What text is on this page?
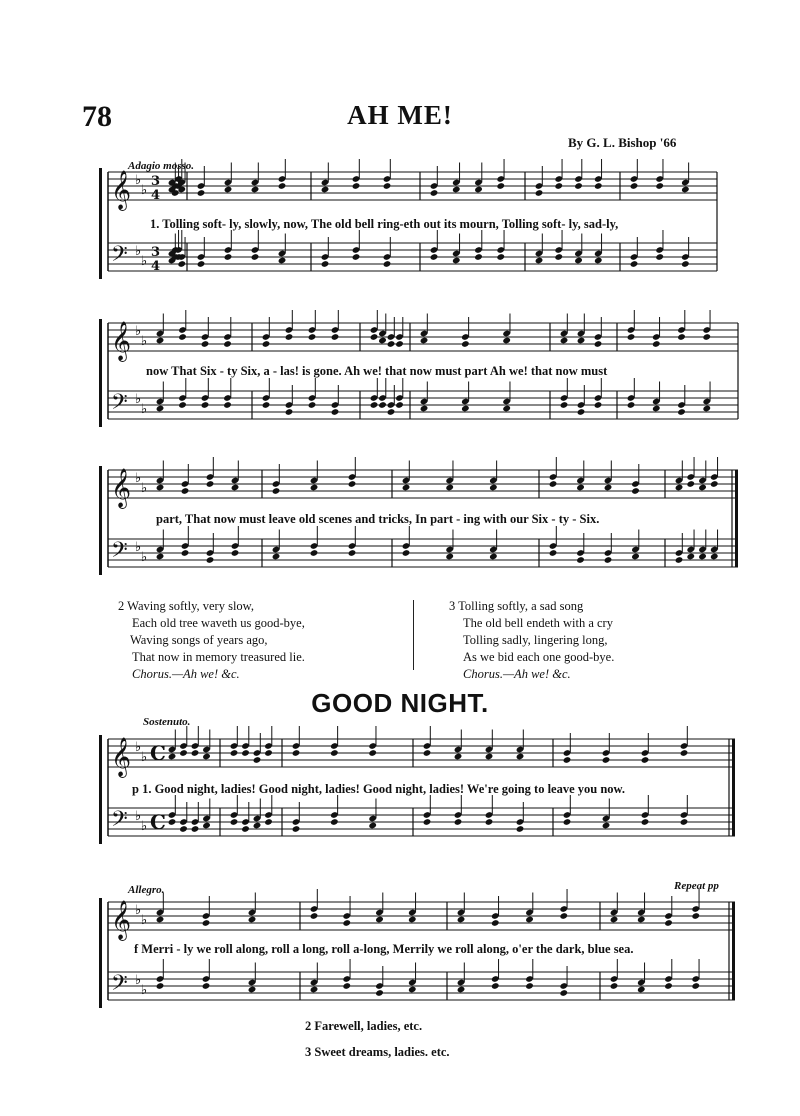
𝄞
𝄢
♭
♭
♭
♭
3
4
3
4
𝄞
𝄢
♭
♭
♭
♭
𝄞
𝄢
♭
♭
♭
♭
𝄞
𝄢
♭
♭
♭
♭
C
C
𝄞
𝄢
♭
♭
♭
♭
78	AH ME!
By G. L. Bishop '66
Adagio mosso.
1. Tolling soft- ly, slowly, now, The old bell ring-eth out its mourn, Tolling soft- ly, sad-ly,
now That Six - ty Six, a - las! is gone. Ah we! that now must part Ah we! that now must
part, That now must leave old scenes and tricks, In part - ing with our Six - ty - Six.
2 Waving softly, very slow,
Each old tree waveth us good-bye,
Waving songs of years ago,
That now in memory treasured lie.
Chorus.—Ah we! &c.
3 Tolling softly, a sad song
The old bell endeth with a cry
Tolling sadly, lingering long,
As we bid each one good-bye.
Chorus.—Ah we! &c.
GOOD NIGHT.
Sostenuto.
p 1. Good night, ladies! Good night, ladies! Good night, ladies! We're going to leave you now.
Allegro.	Repeat pp
f Merri - ly we roll along, roll a long, roll a-long, Merrily we roll along, o'er the dark, blue sea.
2 Farewell, ladies, etc.
3 Sweet dreams, ladies. etc.
